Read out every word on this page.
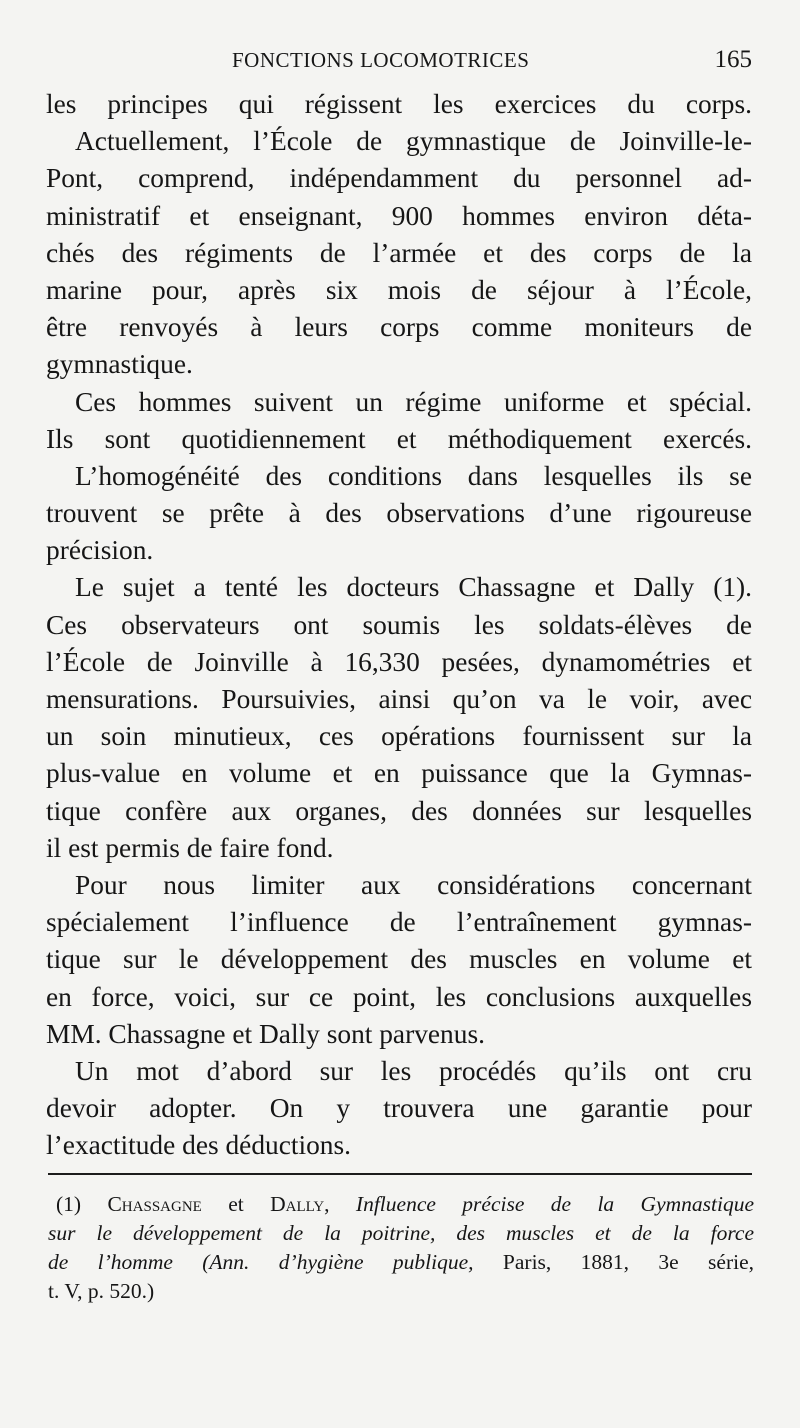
FONCTIONS LOCOMOTRICES	165
les principes qui régissent les exercices du corps.
Actuellement, l’École de gymnastique de Joinville-le-
Pont, comprend, indépendamment du personnel ad-
ministratif et enseignant, 900 hommes environ déta-
chés des régiments de l’armée et des corps de la
marine pour, après six mois de séjour à l’École,
être renvoyés à leurs corps comme moniteurs de
gymnastique.
Ces hommes suivent un régime uniforme et spécial.
Ils sont quotidiennement et méthodiquement exercés.
L’homogénéité des conditions dans lesquelles ils se
trouvent se prête à des observations d’une rigoureuse
précision.
Le sujet a tenté les docteurs Chassagne et Dally (1).
Ces observateurs ont soumis les soldats-élèves de
l’École de Joinville à 16,330 pesées, dynamométries et
mensurations. Poursuivies, ainsi qu’on va le voir, avec
un soin minutieux, ces opérations fournissent sur la
plus-value en volume et en puissance que la Gymnas-
tique confère aux organes, des données sur lesquelles
il est permis de faire fond.
Pour nous limiter aux considérations concernant
spécialement l’influence de l’entraînement gymnas-
tique sur le développement des muscles en volume et
en force, voici, sur ce point, les conclusions auxquelles
MM. Chassagne et Dally sont parvenus.
Un mot d’abord sur les procédés qu’ils ont cru
devoir adopter. On y trouvera une garantie pour
l’exactitude des déductions.
(1) Chassagne et Dally, Influence précise de la Gymnastique
sur le développement de la poitrine, des muscles et de la force
de l’homme (Ann. d’hygiène publique, Paris, 1881, 3e série,
t. V, p. 520.)
